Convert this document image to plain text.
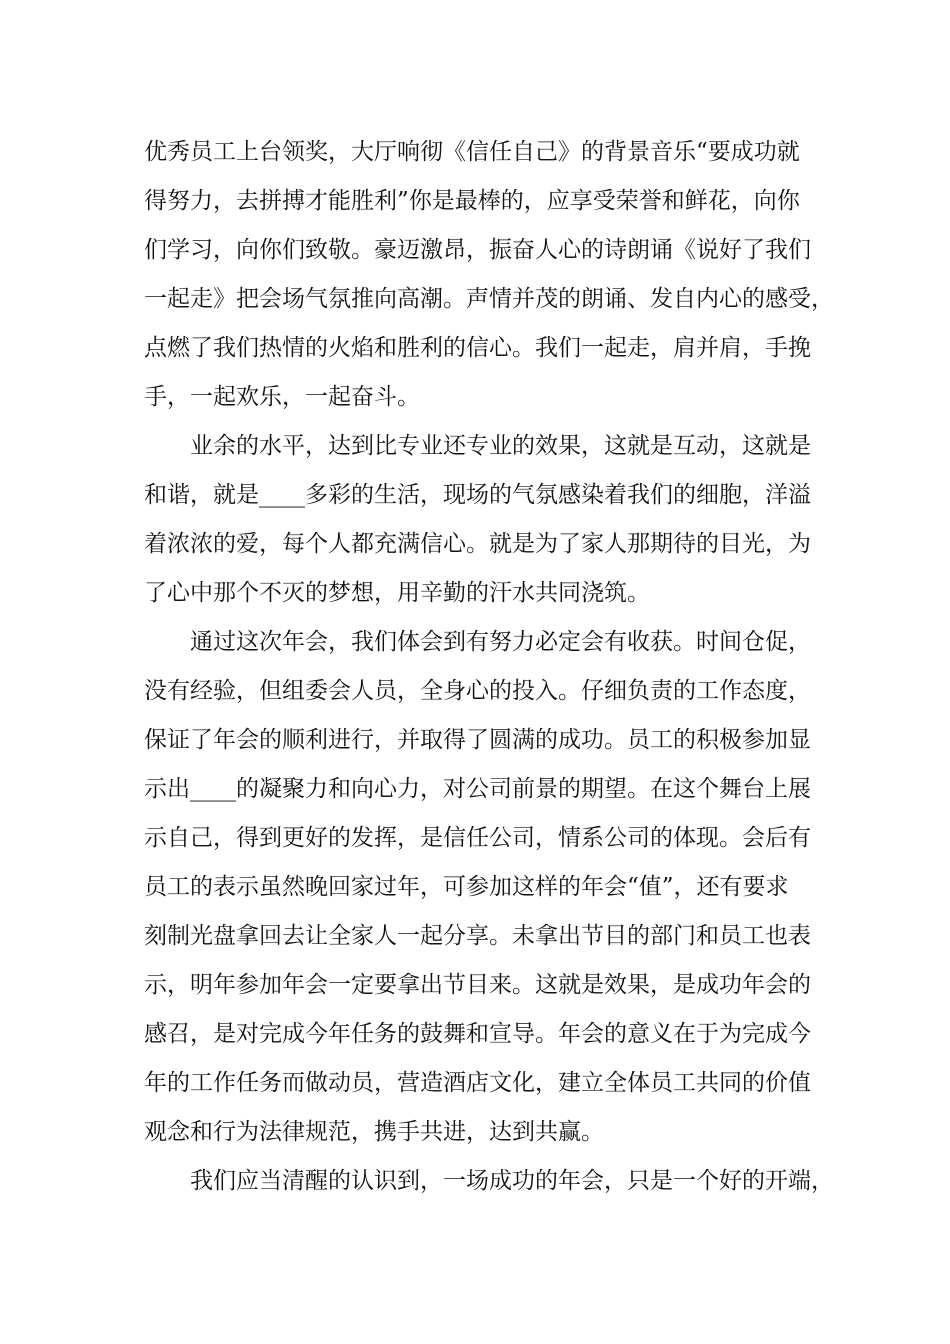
优秀员工上台领奖，大厅响彻《信任自己》的背景音乐“要成功就
得努力，去拼搏才能胜利”你是最棒的，应享受荣誉和鲜花，向你
们学习，向你们致敬。豪迈激昂，振奋人心的诗朗诵《说好了我们
一起走》把会场气氛推向高潮。声情并茂的朗诵、发自内心的感受，
点燃了我们热情的火焰和胜利的信心。我们一起走，肩并肩，手挽
手，一起欢乐，一起奋斗。
业余的水平，达到比专业还专业的效果，这就是互动，这就是
和谐，就是____多彩的生活，现场的气氛感染着我们的细胞，洋溢
着浓浓的爱，每个人都充满信心。就是为了家人那期待的目光，为
了心中那个不灭的梦想，用辛勤的汗水共同浇筑。
通过这次年会，我们体会到有努力必定会有收获。时间仓促，
没有经验，但组委会人员，全身心的投入。仔细负责的工作态度，
保证了年会的顺利进行，并取得了圆满的成功。员工的积极参加显
示出____的凝聚力和向心力，对公司前景的期望。在这个舞台上展
示自己，得到更好的发挥，是信任公司，情系公司的体现。会后有
员工的表示虽然晚回家过年，可参加这样的年会“值”，还有要求
刻制光盘拿回去让全家人一起分享。未拿出节目的部门和员工也表
示，明年参加年会一定要拿出节目来。这就是效果，是成功年会的
感召，是对完成今年任务的鼓舞和宣导。年会的意义在于为完成今
年的工作任务而做动员，营造酒店文化，建立全体员工共同的价值
观念和行为法律规范，携手共进，达到共赢。
我们应当清醒的认识到，一场成功的年会，只是一个好的开端，
